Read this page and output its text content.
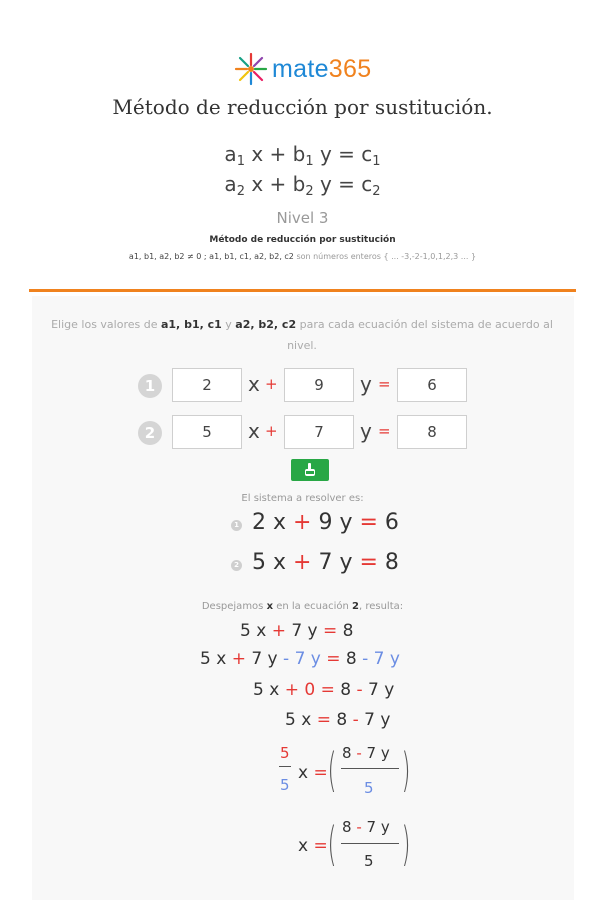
mate365
Método de reducción por sustitución.
$a_1$ $x + b_1$ $y = c_1$
$a_2$ $x + b_2$ $y = c_2$
Nivel 3
Método de reducción por sustitución
a1, b1, a2, b2 ≠ 0 ; a1, b1, c1, a2, b2, c2 son números enteros { ... -3,-2-1,0,1,2,3 ... }
Elige los valores de a1, b1, c1 y a2, b2, c2 para cada ecuación del sistema de acuerdo al nivel.
1	2	x +	9	y =	6
2	5	x +	7	y =	8
El sistema a resolver es:
1 2 x + 9 y = 6
2 5 x + 7 y = 8
Despejamos x en la ecuación 2, resulta:
5 x + 7 y = 8
5 x + 7 y - 7 y = 8 - 7 y
5 x + 0 = 8 - 7 y
5 x = 8 - 7 y
5
5
x = ( 8 - 7 y
5 )
x = ( 8 - 7 y
5 )
